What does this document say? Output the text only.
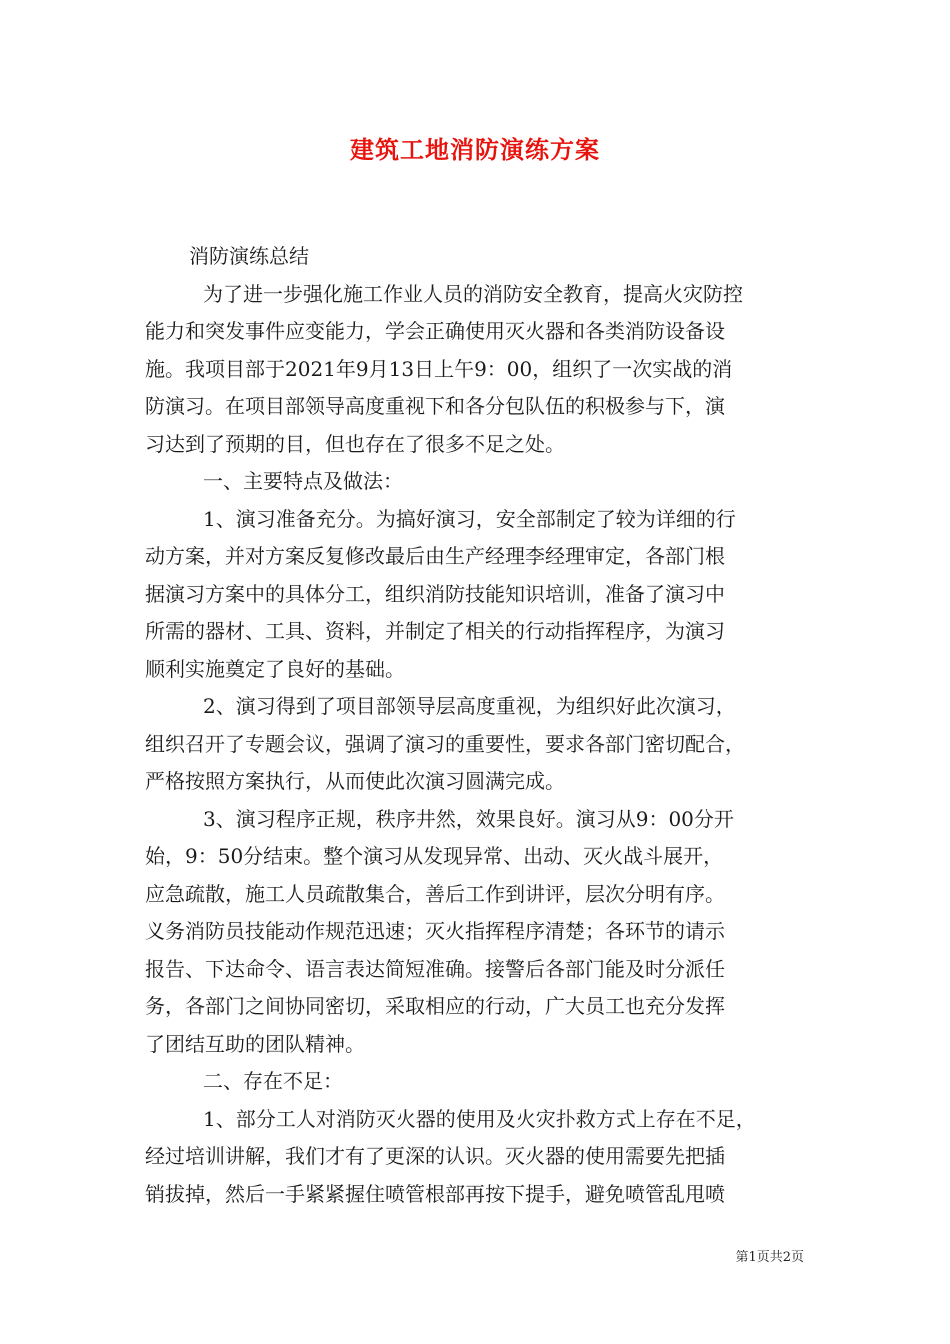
建筑工地消防演练方案

消防演练总结

为了进一步强化施工作业人员的消防安全教育，提高火灾防控

能力和突发事件应变能力，学会正确使用灭火器和各类消防设备设

施。我项目部于2021年9月13日上午9：00，组织了一次实战的消

防演习。在项目部领导高度重视下和各分包队伍的积极参与下，演

习达到了预期的目，但也存在了很多不足之处。

一、主要特点及做法：

1、演习准备充分。为搞好演习，安全部制定了较为详细的行

动方案，并对方案反复修改最后由生产经理李经理审定，各部门根

据演习方案中的具体分工，组织消防技能知识培训，准备了演习中

所需的器材、工具、资料，并制定了相关的行动指挥程序，为演习

顺利实施奠定了良好的基础。

2、演习得到了项目部领导层高度重视，为组织好此次演习，

组织召开了专题会议，强调了演习的重要性，要求各部门密切配合，

严格按照方案执行，从而使此次演习圆满完成。

3、演习程序正规，秩序井然，效果良好。演习从9：00分开

始，9：50分结束。整个演习从发现异常、出动、灭火战斗展开，

应急疏散，施工人员疏散集合，善后工作到讲评，层次分明有序。

义务消防员技能动作规范迅速；灭火指挥程序清楚；各环节的请示

报告、下达命令、语言表达简短准确。接警后各部门能及时分派任

务，各部门之间协同密切，采取相应的行动，广大员工也充分发挥

了团结互助的团队精神。

二、存在不足：

1、部分工人对消防灭火器的使用及火灾扑救方式上存在不足，

经过培训讲解，我们才有了更深的认识。灭火器的使用需要先把插

销拔掉，然后一手紧紧握住喷管根部再按下提手，避免喷管乱甩喷

第1页共2页
